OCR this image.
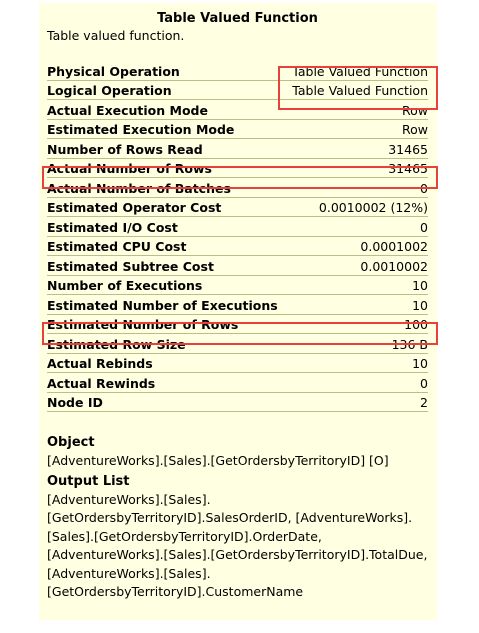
Table Valued Function
Table valued function.
Physical Operation	Table Valued Function
Logical Operation	Table Valued Function
Actual Execution Mode	Row
Estimated Execution Mode	Row
Number of Rows Read	31465
Actual Number of Rows	31465
Actual Number of Batches	0
Estimated Operator Cost	0.0010002 (12%)
Estimated I/O Cost	0
Estimated CPU Cost	0.0001002
Estimated Subtree Cost	0.0010002
Number of Executions	10
Estimated Number of Executions	10
Estimated Number of Rows	100
Estimated Row Size	136 B
Actual Rebinds	10
Actual Rewinds	0
Node ID	2
Object
[AdventureWorks].[Sales].[GetOrdersbyTerritoryID] [O]
Output List
[AdventureWorks].[Sales].
[GetOrdersbyTerritoryID].SalesOrderID, [AdventureWorks].
[Sales].[GetOrdersbyTerritoryID].OrderDate,
[AdventureWorks].[Sales].[GetOrdersbyTerritoryID].TotalDue,
[AdventureWorks].[Sales].
[GetOrdersbyTerritoryID].CustomerName
